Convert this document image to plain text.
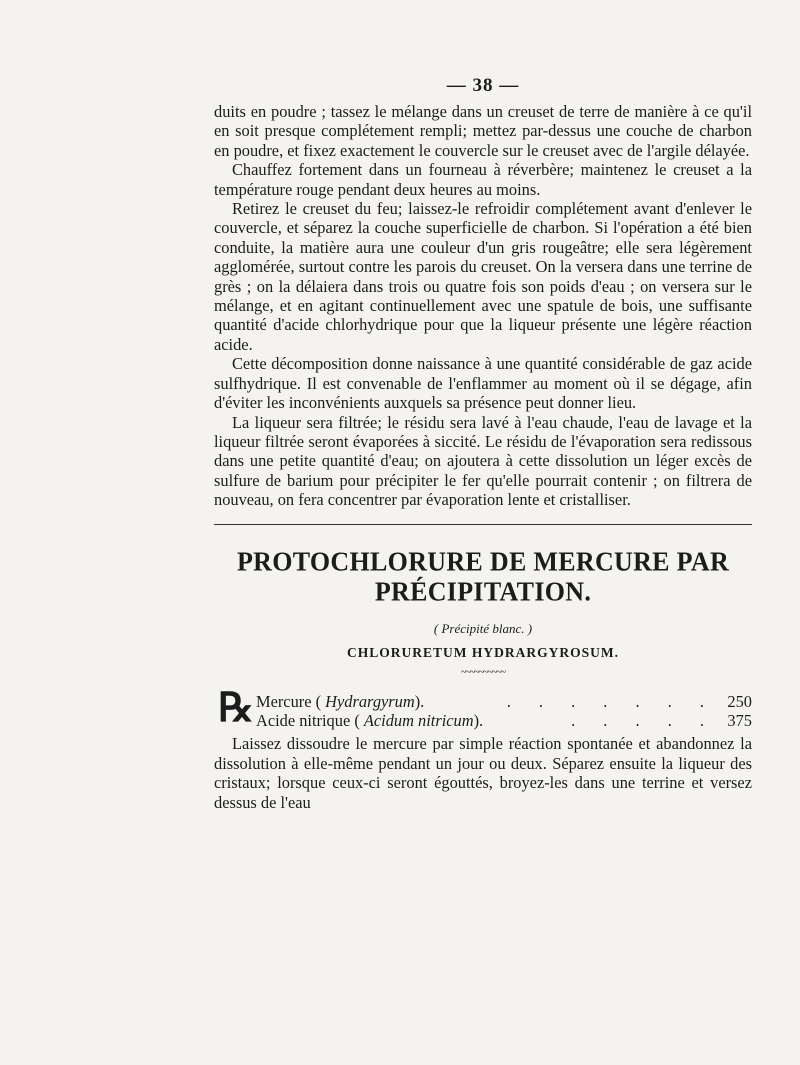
— 38 —

duits en poudre ; tassez le mélange dans un creuset de terre de manière à ce qu'il en soit presque complétement rempli; mettez par-dessus une couche de charbon en poudre, et fixez exactement le couvercle sur le creuset avec de l'argile délayée.

Chauffez fortement dans un fourneau à réverbère; maintenez le creuset a la température rouge pendant deux heures au moins.

Retirez le creuset du feu; laissez-le refroidir complétement avant d'enlever le couvercle, et séparez la couche superficielle de charbon. Si l'opération a été bien conduite, la matière aura une couleur d'un gris rougeâtre; elle sera légèrement agglomérée, surtout contre les parois du creuset. On la versera dans une terrine de grès ; on la délaiera dans trois ou quatre fois son poids d'eau ; on versera sur le mélange, et en agitant continuellement avec une spatule de bois, une suffisante quantité d'acide chlorhydrique pour que la liqueur présente une légère réaction acide.

Cette décomposition donne naissance à une quantité considérable de gaz acide sulfhydrique. Il est convenable de l'enflammer au moment où il se dégage, afin d'éviter les inconvénients auxquels sa présence peut donner lieu.

La liqueur sera filtrée; le résidu sera lavé à l'eau chaude, l'eau de lavage et la liqueur filtrée seront évaporées à siccité. Le résidu de l'évaporation sera redissous dans une petite quantité d'eau; on ajoutera à cette dissolution un léger excès de sulfure de barium pour précipiter le fer qu'elle pourrait contenir ; on filtrera de nouveau, on fera concentrer par évaporation lente et cristalliser.

PROTOCHLORURE DE MERCURE PAR

PRÉCIPITATION.

( Précipité blanc. )

CHLORURETUM HYDRARGYROSUM.

~~~~~~~~~~
℞ Mercure ( Hydrargyrum).	. . . . . . . 250
Acide nitrique ( Acidum nitricum).	. . . . . 375

Laissez dissoudre le mercure par simple réaction spontanée et abandonnez la dissolution à elle-même pendant un jour ou deux. Séparez ensuite la liqueur des cristaux; lorsque ceux-ci seront égouttés, broyez-les dans une terrine et versez dessus de l'eau
